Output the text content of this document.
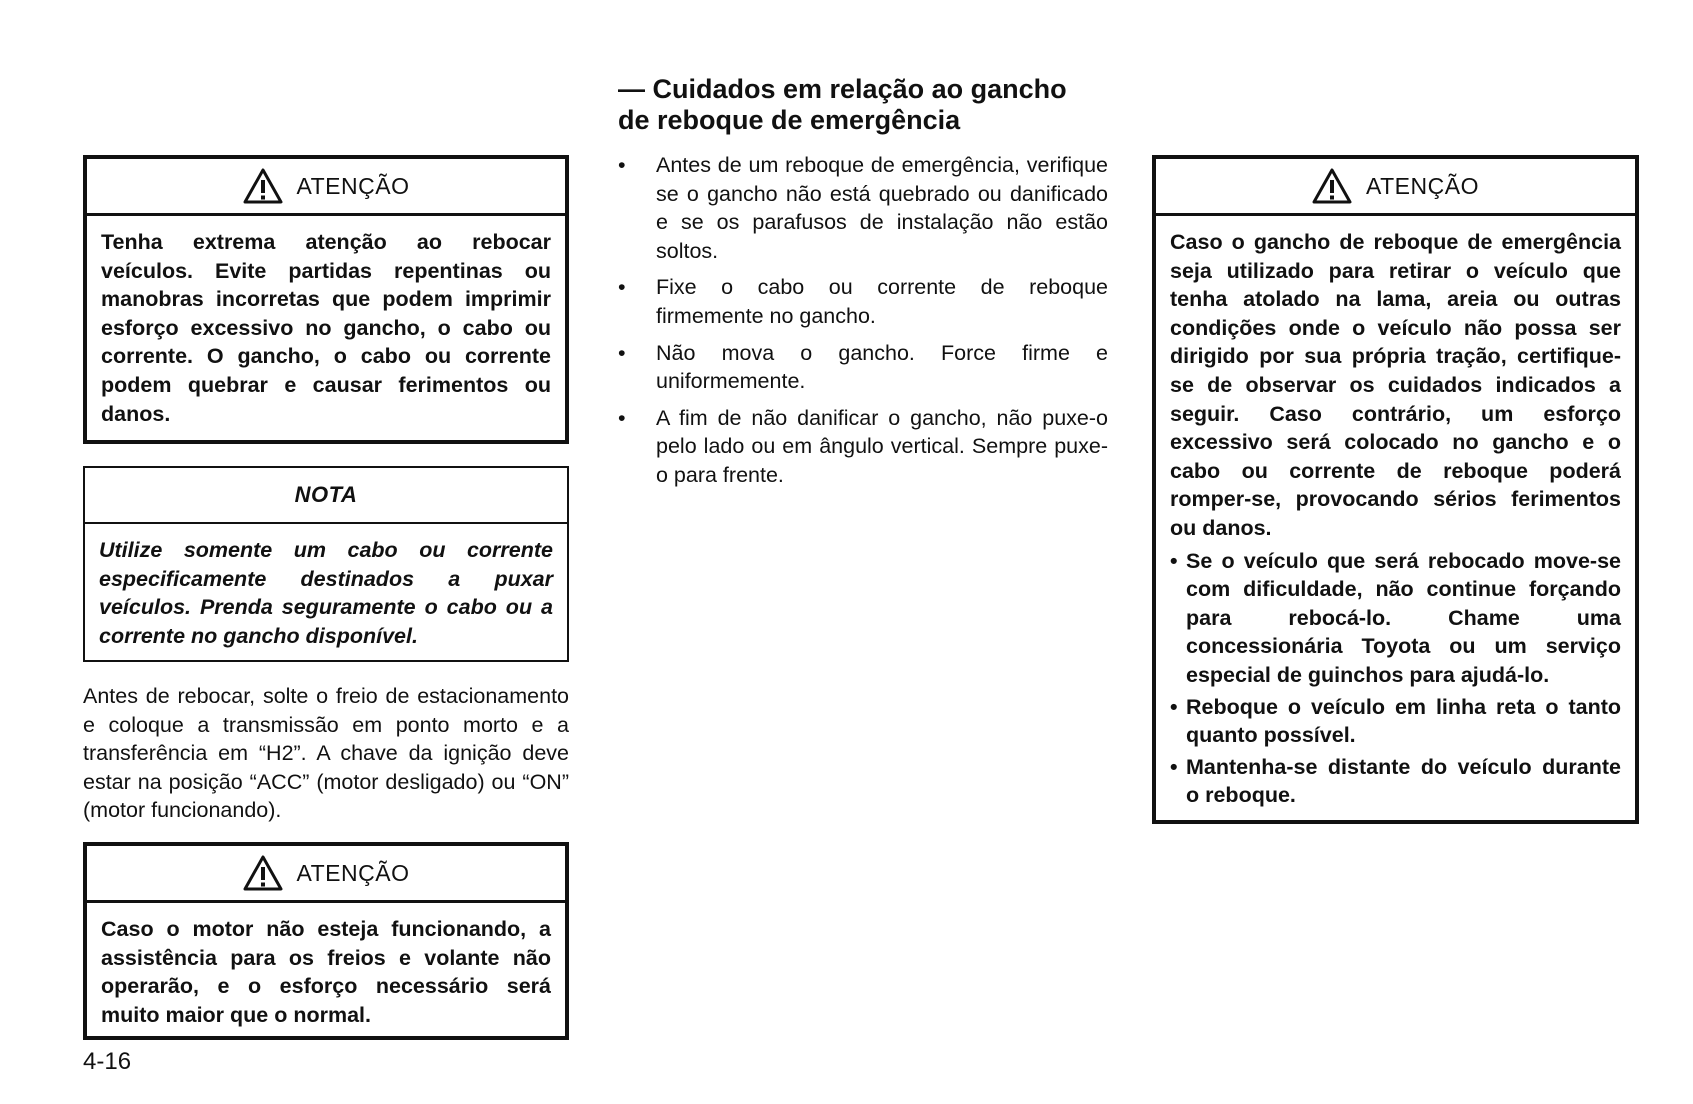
ATENÇÃO
Tenha extrema atenção ao rebocar veículos. Evite partidas repentinas ou manobras incorretas que podem imprimir esforço excessivo no gancho, o cabo ou corrente. O gancho, o cabo ou corrente podem quebrar e causar ferimentos ou danos.
NOTA
Utilize somente um cabo ou corrente especificamente destinados a puxar veículos. Prenda seguramente o cabo ou a corrente no gancho disponível.
Antes de rebocar, solte o freio de estacionamento e coloque a transmissão em ponto morto e a transferência em “H2”. A chave da ignição deve estar na posição “ACC” (motor desligado) ou “ON” (motor funcionando).
ATENÇÃO
Caso o motor não esteja funcionando, a assistência para os freios e volante não operarão, e o esforço necessário será muito maior que o normal.
— Cuidados em relação ao gancho
de reboque de emergência
• Antes de um reboque de emergência, verifique se o gancho não está quebrado ou danificado e se os parafusos de instalação não estão soltos.
• Fixe o cabo ou corrente de reboque firmemente no gancho.
• Não mova o gancho. Force firme e uniformemente.
• A fim de não danificar o gancho, não puxe-o pelo lado ou em ângulo vertical. Sempre puxe-o para frente.
ATENÇÃO
Caso o gancho de reboque de emergência seja utilizado para retirar o veículo que tenha atolado na lama, areia ou outras condições onde o veículo não possa ser dirigido por sua própria tração, certifique-se de observar os cuidados indicados a seguir. Caso contrário, um esforço excessivo será colocado no gancho e o cabo ou corrente de reboque poderá romper-se, provocando sérios ferimentos ou danos.
• Se o veículo que será rebocado move-se com dificuldade, não continue forçando para rebocá-lo. Chame uma concessionária Toyota ou um serviço especial de guinchos para ajudá-lo.
• Reboque o veículo em linha reta o tanto quanto possível.
• Mantenha-se distante do veículo durante o reboque.
4-16
